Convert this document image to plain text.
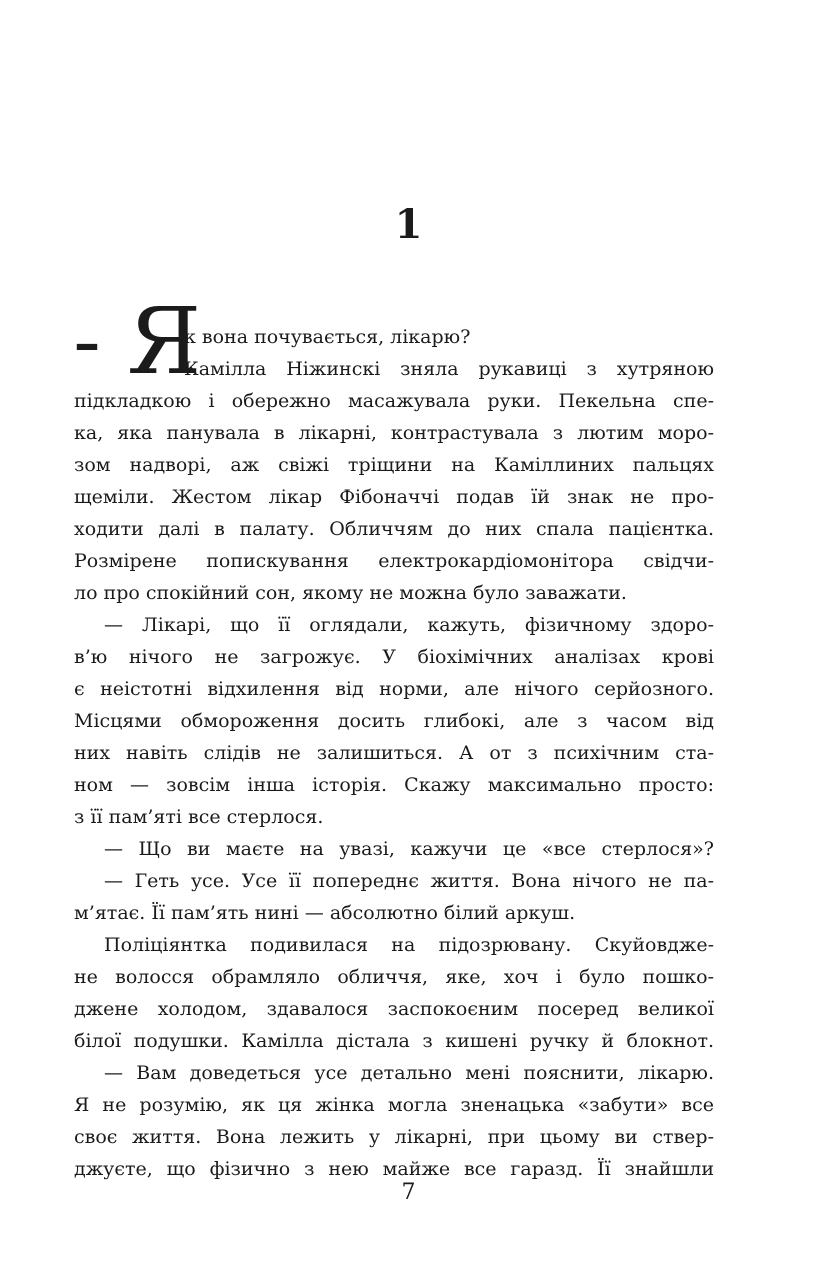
1
– Я
к вона почувається, лікарю?
Камілла Ніжинскі зняла рукавиці з хутряною
підкладкою і обережно масажувала руки. Пекельна спе-
ка, яка панувала в лікарні, контрастувала з лютим моро-
зом надворі, аж свіжі тріщини на Каміллиних пальцях
щеміли. Жестом лікар Фібоначчі подав їй знак не про-
ходити далі в палату. Обличчям до них спала пацієнтка.
Розмірене попискування електрокардіомонітора свідчи-
ло про спокійний сон, якому не можна було заважати.
— Лікарі, що її оглядали, кажуть, фізичному здоро-
в’ю нічого не загрожує. У біохімічних аналізах крові
є неістотні відхилення від норми, але нічого серйозного.
Місцями обмороження досить глибокі, але з часом від
них навіть слідів не залишиться. А от з психічним ста-
ном — зовсім інша історія. Скажу максимально просто:
з її пам’яті все стерлося.
— Що ви маєте на увазі, кажучи це «все стерлося»?
— Геть усе. Усе її попереднє життя. Вона нічого не па-
м’ятає. Її пам’ять нині — абсолютно білий аркуш.
Поліціянтка подивилася на підозрювану. Скуйовдже-
не волосся обрамляло обличчя, яке, хоч і було пошко-
джене холодом, здавалося заспокоєним посеред великої
білої подушки. Камілла дістала з кишені ручку й блокнот.
— Вам доведеться усе детально мені пояснити, лікарю.
Я не розумію, як ця жінка могла зненацька «забути» все
своє життя. Вона лежить у лікарні, при цьому ви ствер-
джуєте, що фізично з нею майже все гаразд. Її знайшли
7
